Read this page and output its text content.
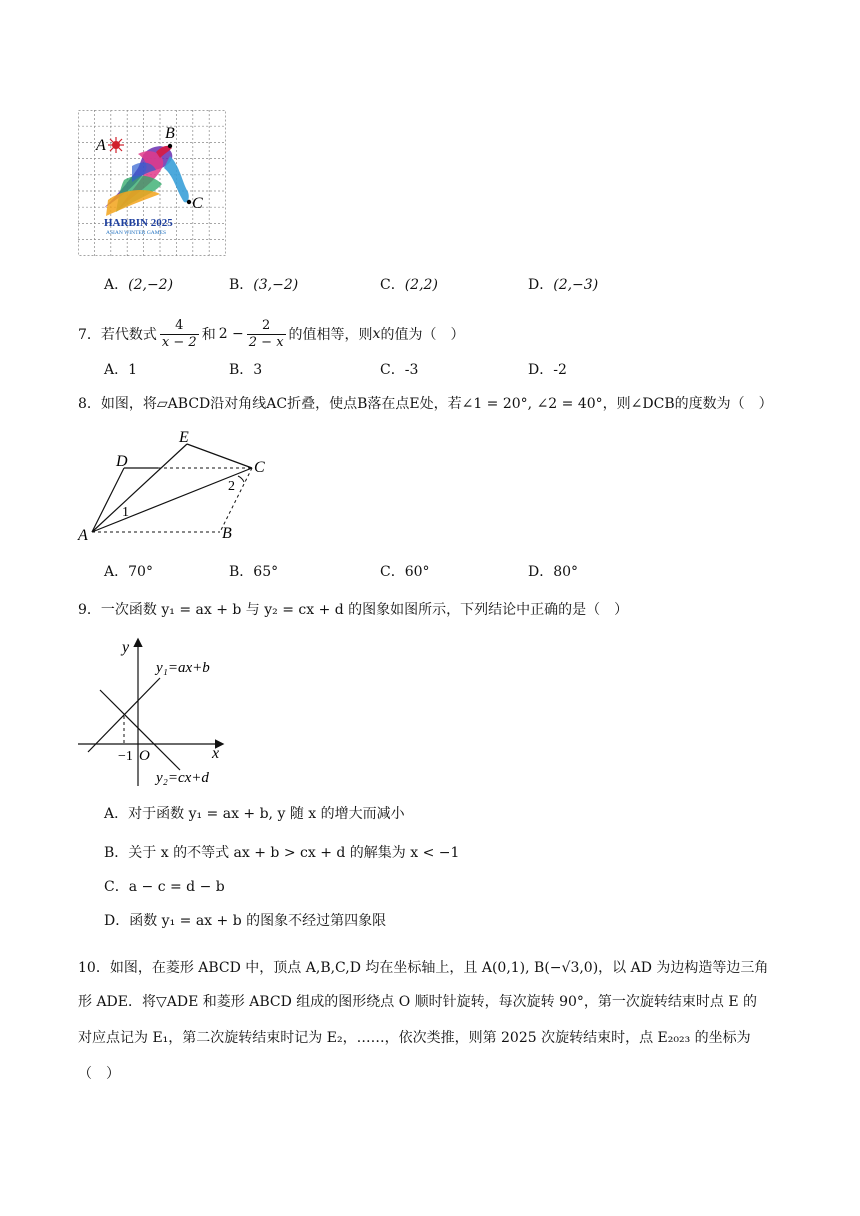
A
B
C
HARBIN 2025
ASIAN WINTER GAMES
A．(2,−2)	B．(3,−2)	C．(2,2)	D．(2,−3)
7． 若代数式
4
x − 2 和 $2 - \frac{2}{2 - x}$ 的值相等，则 x 的值为（　）
A．1	B．3	C．-3	D．-2
8．如图，将▱ABCD沿对角线AC折叠，使点B落在点E处，若∠1 = 20°, ∠2 = 40°，则∠DCB的度数为（　）
D
E
C
A	B
1
2
A．70°	B．65°	C．60°	D．80°
9．一次函数 y₁ = ax + b 与 y₂ = cx + d 的图象如图所示，下列结论中正确的是（　）
y
x
O
−1
y₁=ax+b
y₂=cx+d
A．对于函数 y₁ = ax + b, y 随 x 的增大而减小
B．关于 x 的不等式 ax + b > cx + d 的解集为 x < −1
C．a − c = d − b
D．函数 y₁ = ax + b 的图象不经过第四象限
10．如图，在菱形 ABCD 中，顶点 A,B,C,D 均在坐标轴上，且 A(0,1), B(−√3,0)，以 AD 为边构造等边三角
形 ADE．将▽ADE 和菱形 ABCD 组成的图形绕点 O 顺时针旋转，每次旋转 90°，第一次旋转结束时点 E 的
对应点记为 E₁，第二次旋转结束时记为 E₂，……，依次类推，则第 2025 次旋转结束时，点 E₂₀₂₃ 的坐标为
（　）
